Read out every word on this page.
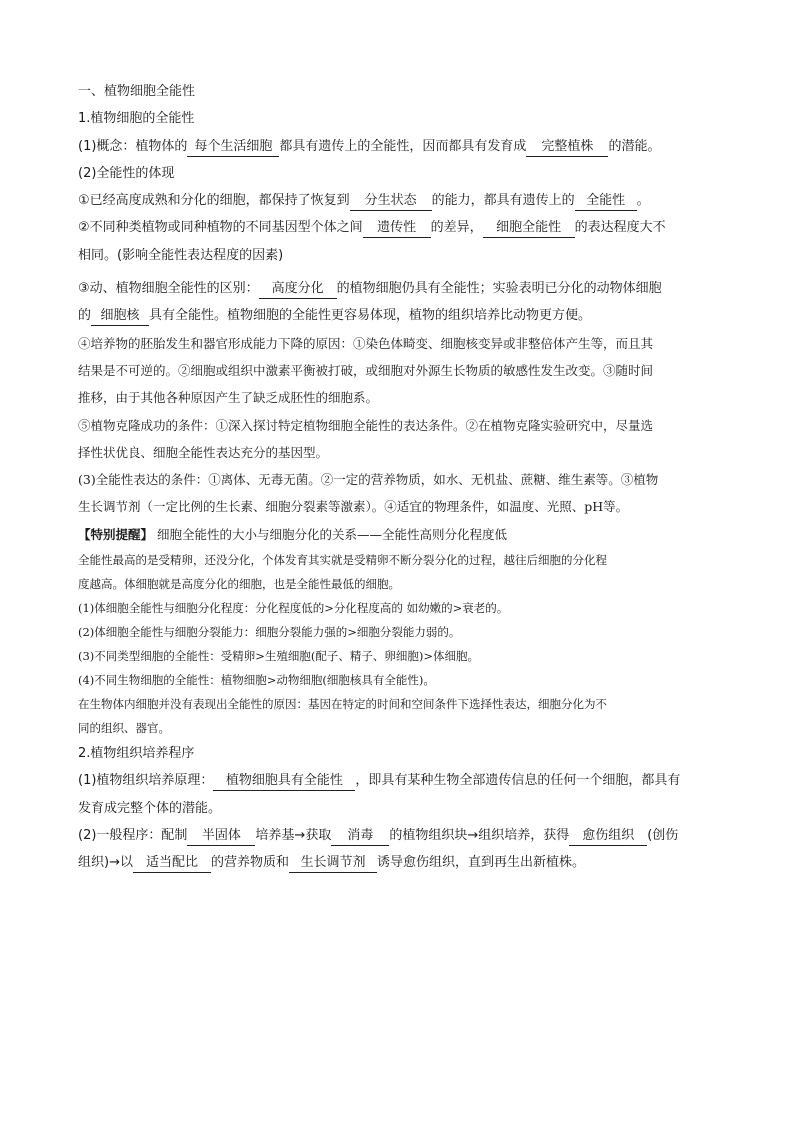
一、植物细胞全能性
1.植物细胞的全能性
(1)概念：植物体的 每个生活细胞 都具有遗传上的全能性，因而都具有发育成 完整植株 的潜能。
(2)全能性的体现
①已经高度成熟和分化的细胞，都保持了恢复到 分生状态 的能力，都具有遗传上的 全能性 。
②不同种类植物或同种植物的不同基因型个体之间 遗传性 的差异， 细胞全能性 的表达程度大不
相同。(影响全能性表达程度的因素)
③动、植物细胞全能性的区别： 高度分化 的植物细胞仍具有全能性；实验表明已分化的动物体细胞
的 细胞核 具有全能性。植物细胞的全能性更容易体现，植物的组织培养比动物更方便。
④培养物的胚胎发生和器官形成能力下降的原因：①染色体畸变、细胞核变异或非整倍体产生等，而且其
结果是不可逆的。②细胞或组织中激素平衡被打破，或细胞对外源生长物质的敏感性发生改变。③随时间
推移，由于其他各种原因产生了缺乏成胚性的细胞系。
⑤植物克隆成功的条件：①深入探讨特定植物细胞全能性的表达条件。②在植物克隆实验研究中，尽量选
择性状优良、细胞全能性表达充分的基因型。
(3)全能性表达的条件：①离体、无毒无菌。②一定的营养物质，如水、无机盐、蔗糖、维生素等。③植物
生长调节剂（一定比例的生长素、细胞分裂素等激素）。④适宜的物理条件，如温度、光照、pH等。
【特别提醒】 细胞全能性的大小与细胞分化的关系——全能性高则分化程度低
全能性最高的是受精卵，还没分化，个体发育其实就是受精卵不断分裂分化的过程，越往后细胞的分化程
度越高。体细胞就是高度分化的细胞，也是全能性最低的细胞。
(1)体细胞全能性与细胞分化程度：分化程度低的>分化程度高的 如幼嫩的>衰老的。
(2)体细胞全能性与细胞分裂能力：细胞分裂能力强的>细胞分裂能力弱的。
(3)不同类型细胞的全能性：受精卵>生殖细胞(配子、精子、卵细胞)>体细胞。
(4)不同生物细胞的全能性：植物细胞>动物细胞(细胞核具有全能性)。
在生物体内细胞并没有表现出全能性的原因：基因在特定的时间和空间条件下选择性表达，细胞分化为不
同的组织、器官。
2.植物组织培养程序
(1)植物组织培养原理： 植物细胞具有全能性 ，即具有某种生物全部遗传信息的任何一个细胞，都具有
发育成完整个体的潜能。
(2)一般程序：配制 半固体 培养基→获取 消毒 的植物组织块→组织培养，获得 愈伤组织 (创伤
组织)→以 适当配比 的营养物质和 生长调节剂 诱导愈伤组织，直到再生出新植株。
